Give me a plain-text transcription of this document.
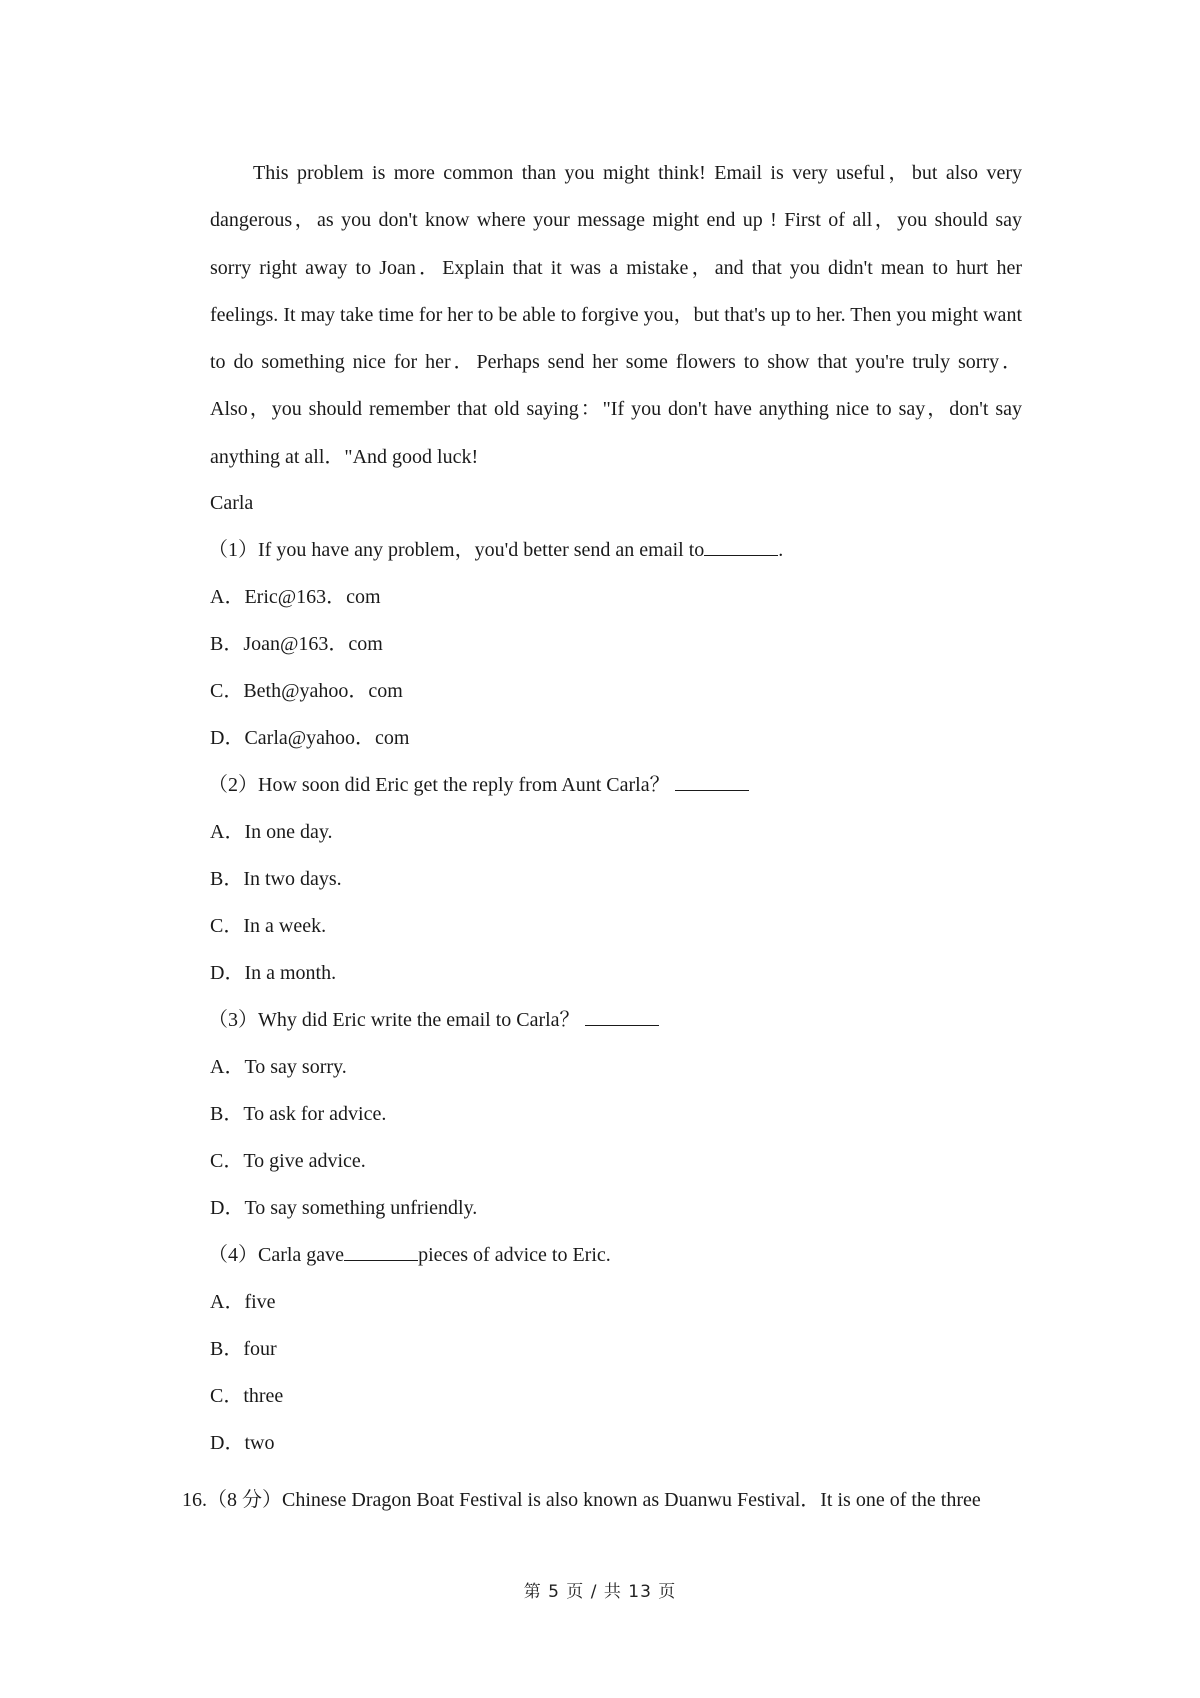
This problem is more common than you might think! Email is very useful，but also very dangerous，as you don't know where your message might end up ! First of all，you should say sorry right away to Joan．Explain that it was a mistake，and that you didn't mean to hurt her feelings. It may take time for her to be able to forgive you，but that's up to her. Then you might want to do something nice for her．Perhaps send her some flowers to show that you're truly sorry．Also，you should remember that old saying："If you don't have anything nice to say，don't say anything at all．"And good luck!

Carla

（1）If you have any problem，you'd better send an email to	.

A．Eric@163．com

B．Joan@163．com

C．Beth@yahoo．com

D．Carla@yahoo．com

（2）How soon did Eric get the reply from Aunt Carla？

A．In one day.

B．In two days.

C．In a week.

D．In a month.

（3）Why did Eric write the email to Carla？

A．To say sorry.

B．To ask for advice.

C．To give advice.

D．To say something unfriendly.

（4）Carla gave	pieces of advice to Eric.

A．five

B．four

C．three

D．two

16.（8 分）Chinese Dragon Boat Festival is also known as Duanwu Festival．It is one of the three

第 5 页 / 共 13 页
